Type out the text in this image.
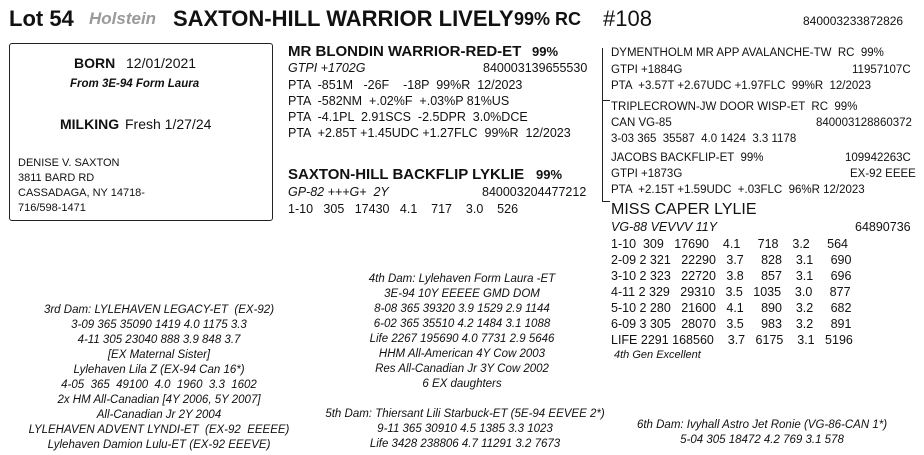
Lot 54 Holstein SAXTON-HILL WARRIOR LIVELY 99% RC #108	840003233872826
BORN 12/01/2021
From 3E-94 Form Laura
MILKING Fresh 1/27/24
DENISE V. SAXTON
3811 BARD RD
CASSADAGA, NY 14718-
716/598-1471
MR BLONDIN WARRIOR-RED-ET 99%
GTPI +1702G	840003139655530
PTA  -851M   -26F    -18P  99%R  12/2023
PTA  -582NM  +.02%F  +.03%P 81%US
PTA  -4.1PL  2.91SCS  -2.5DPR  3.0%DCE
PTA  +2.85T +1.45UDC +1.27FLC  99%R  12/2023
SAXTON-HILL BACKFLIP LYKLIE 99%
GP-82 +++G+  2Y	840003204477212
1-10   305   17430   4.1    717    3.0    526
DYMENTHOLM MR APP AVALANCHE-TW  RC  99%
GTPI +1884G	11957107C
PTA  +3.57T +2.67UDC +1.97FLC  99%R  12/2023
TRIPLECROWN-JW DOOR WISP-ET  RC  99%
CAN VG-85	840003128860372
3-03 365  35587  4.0 1424  3.3 1178
JACOBS BACKFLIP-ET  99%	109942263C
GTPI +1873G	EX-92 EEEE
PTA  +2.15T +1.59UDC  +.03FLC  96%R 12/2023
MISS CAPER LYLIE
VG-88 VEVVV 11Y	64890736
1-10  309   17690    4.1     718    3.2     564
2-09 2 321   22290   3.7     828    3.1     690
3-10 2 323   22720   3.8     857    3.1     696
4-11 2 329   29310   3.5   1035    3.0     877
5-10 2 280   21600   4.1     890    3.2     682
6-09 3 305   28070   3.5     983    3.2     891
LIFE 2291 168560    3.7   6175    3.1   5196
4th Gen Excellent
4th Dam: Lylehaven Form Laura -ET
3E-94 10Y EEEEE GMD DOM
8-08 365 39320 3.9 1529 2.9 1144
6-02 365 35510 4.2 1484 3.1 1088
Life 2267 195690 4.0 7731 2.9 5646
HHM All-American 4Y Cow 2003
Res All-Canadian Jr 3Y Cow 2002
6 EX daughters
3rd Dam: LYLEHAVEN LEGACY-ET  (EX-92)
3-09 365 35090 1419 4.0 1175 3.3
4-11 305 23040 888 3.9 848 3.7
[EX Maternal Sister]
Lylehaven Lila Z (EX-94 Can 16*)
4-05  365  49100  4.0  1960  3.3  1602
2x HM All-Canadian [4Y 2006, 5Y 2007]
All-Canadian Jr 2Y 2004
LYLEHAVEN ADVENT LYNDI-ET  (EX-92  EEEEE)
Lylehaven Damion Lulu-ET (EX-92 EEEVE)
5th Dam: Thiersant Lili Starbuck-ET (5E-94 EEVEE 2*)
9-11 365 30910 4.5 1385 3.3 1023
Life 3428 238806 4.7 11291 3.2 7673
6th Dam: Ivyhall Astro Jet Ronie (VG-86-CAN 1*)
5-04 305 18472 4.2 769 3.1 578
